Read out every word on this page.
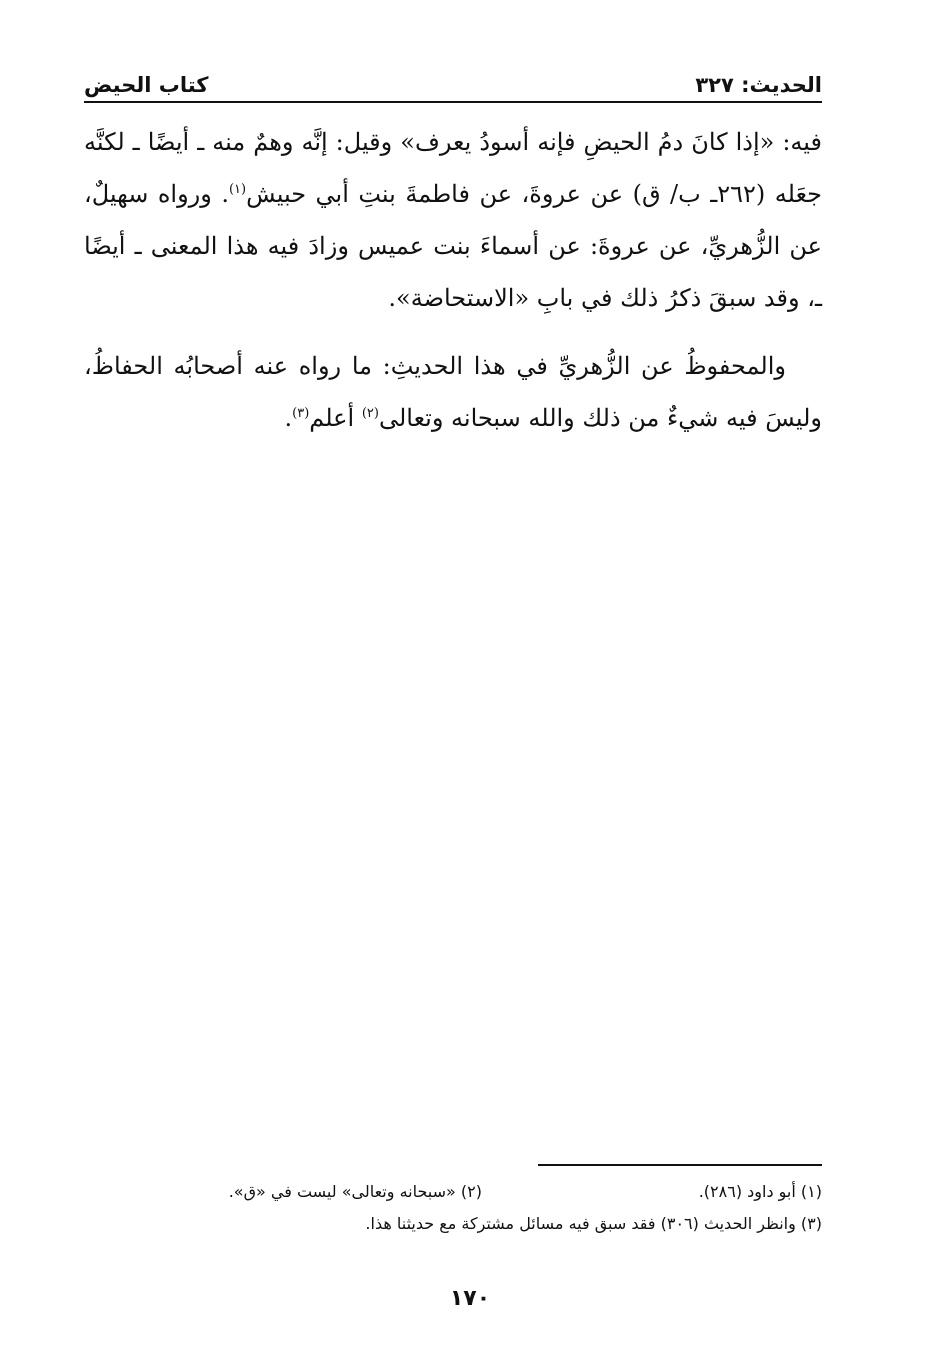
الحديث: ٣٢٧
كتاب الحيض

فيه: «إذا كانَ دمُ الحيضِ فإنه أسودُ يعرف» وقيل: إنَّه وهمٌ منه ـ أيضًا ـ لكنَّه جعَله (٢٦٢ـ ب/ ق) عن عروةَ، عن فاطمةَ بنتِ أبي حبيش$^{(١)}$. ورواه سهيلٌ، عن الزُّهريِّ، عن عروةَ: عن أسماءَ بنت عميس وزادَ فيه هذا المعنى ـ أيضًا ـ، وقد سبقَ ذكرُ ذلك في بابِ «الاستحاضة».

والمحفوظُ عن الزُّهريِّ في هذا الحديثِ: ما رواه عنه أصحابُه الحفاظُ، وليسَ فيه شيءٌ من ذلك والله سبحانه وتعالى$^{(٢)}$ أعلم$^{(٣)}$.

(١) أبو داود (٢٨٦).
(٢) «سبحانه وتعالى» ليست في «ق».
(٣) وانظر الحديث (٣٠٦) فقد سبق فيه مسائل مشتركة مع حديثنا هذا.
١٧٠
